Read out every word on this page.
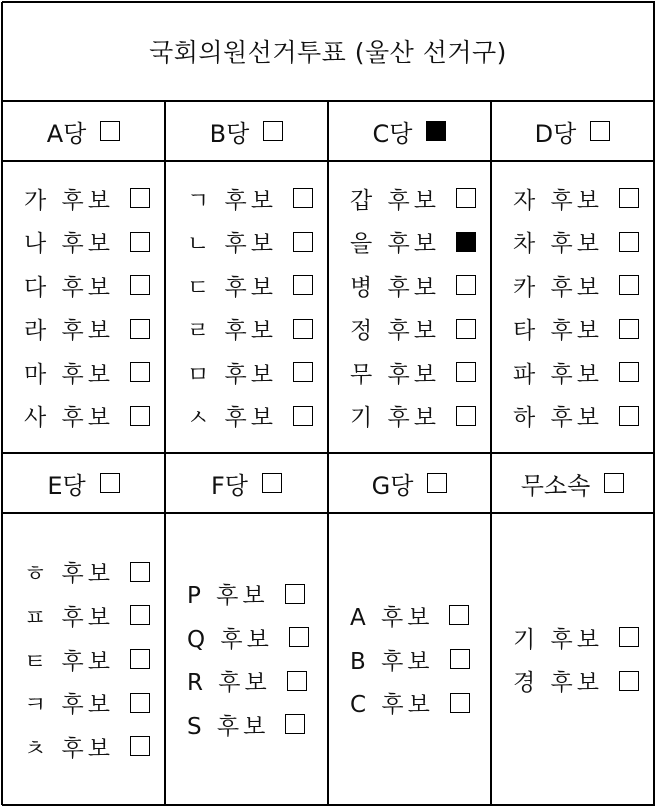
국회의원선거투표 (울산 선거구)
A당
가 후보
나 후보
다 후보
라 후보
마 후보
사 후보
B당
ㄱ 후보
ㄴ 후보
ㄷ 후보
ㄹ 후보
ㅁ 후보
ㅅ 후보
C당
갑 후보
을 후보
병 후보
정 후보
무 후보
기 후보
D당
자 후보
차 후보
카 후보
타 후보
파 후보
하 후보
E당
ㅎ 후보
ㅍ 후보
ㅌ 후보
ㅋ 후보
ㅊ 후보
F당
P 후보
Q 후보
R 후보
S 후보
G당
A 후보
B 후보
C 후보
무소속
기 후보
경 후보
